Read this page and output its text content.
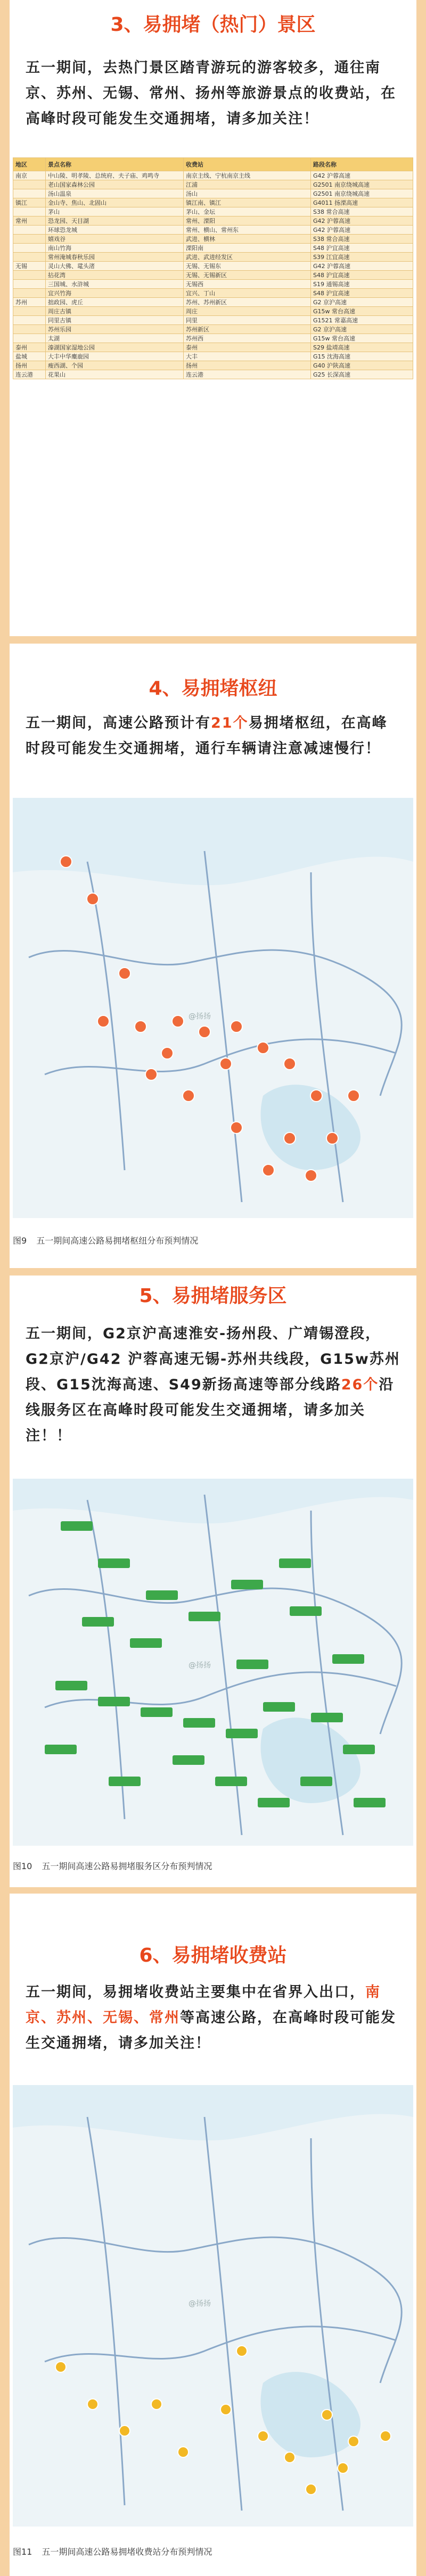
3、易拥堵（热门）景区
五一期间，去热门景区踏青游玩的游客较多，通往南京、苏州、无锡、常州、扬州等旅游景点的收费站，在高峰时段可能发生交通拥堵，请多加关注！
地区	景点名称	收费站	路段名称
南京	中山陵、明孝陵、总统府、夫子庙、鸡鸣寺	南京主线、宁杭南京主线	G42 沪蓉高速
	老山国家森林公园	江浦	G2501 南京绕城高速
	汤山温泉	汤山	G2501 南京绕城高速
镇江	金山寺、焦山、北固山	镇江南、镇江	G4011 扬溧高速
	茅山	茅山、金坛	S38 常合高速
常州	恐龙园、天目湖	常州、溧阳	G42 沪蓉高速
	环球恐龙城	常州、横山、常州东	G42 沪蓉高速
	嬉戏谷	武进、横林	S38 常合高速
	南山竹海	溧阳南	S48 沪宜高速
	常州淹城春秋乐园	武进、武进经发区	S39 江宜高速
无锡	灵山大佛、鼋头渚	无锡、无锡东	G42 沪蓉高速
	拈花湾	无锡、无锡新区	S48 沪宜高速
	三国城、水浒城	无锡西	S19 通锡高速
	宜兴竹海	宜兴、丁山	S48 沪宜高速
苏州	拙政园、虎丘	苏州、苏州新区	G2 京沪高速
	周庄古镇	周庄	G15w 常台高速
	同里古镇	同里	G1521 常嘉高速
	苏州乐园	苏州新区	G2 京沪高速
	太湖	苏州西	G15w 常台高速
泰州	溱湖国家湿地公园	泰州	S29 盐靖高速
盐城	大丰中华麋鹿园	大丰	G15 沈海高速
扬州	瘦西湖、个园	扬州	G40 沪陕高速
连云港	花果山	连云港	G25 长深高速
4、易拥堵枢纽
五一期间，高速公路预计有21个易拥堵枢纽，在高峰时段可能发生交通拥堵，通行车辆请注意减速慢行！
@扬扬
图9 五一期间高速公路易拥堵枢纽分布预判情况
5、易拥堵服务区
五一期间，G2京沪高速淮安-扬州段、广靖锡澄段，G2京沪/G42 沪蓉高速无锡-苏州共线段，G15w苏州段、G15沈海高速、S49新扬高速等部分线路26个沿线服务区在高峰时段可能发生交通拥堵，请多加关注！！
@扬扬
图10 五一期间高速公路易拥堵服务区分布预判情况
6、易拥堵收费站
五一期间，易拥堵收费站主要集中在省界入出口，南京、苏州、无锡、常州等高速公路，在高峰时段可能发生交通拥堵，请多加关注！
@扬扬
图11 五一期间高速公路易拥堵收费站分布预判情况
